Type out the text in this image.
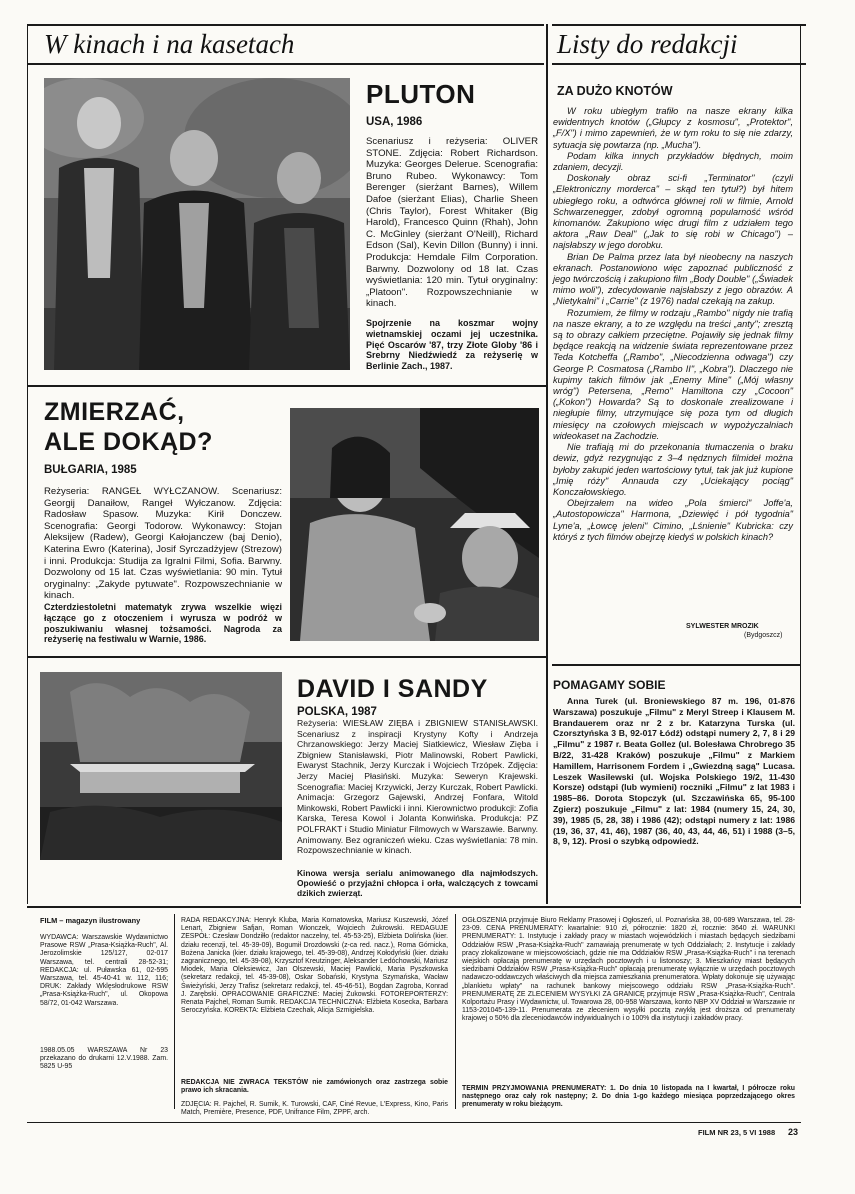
W kinach i na kasetach	Listy do redakcji
PLUTON
USA, 1986
Scenariusz i reżyseria: OLIVER STONE. Zdjęcia: Robert Richardson. Muzyka: Georges Delerue. Scenografia: Bruno Rubeo. Wykonawcy: Tom Berenger (sierżant Barnes), Willem Dafoe (sierżant Elias), Charlie Sheen (Chris Taylor), Forest Whitaker (Big Harold), Francesco Quinn (Rhah), John C. McGinley (sierżant O'Neill), Richard Edson (Sal), Kevin Dillon (Bunny) i inni. Produkcja: Hemdale Film Corporation. Barwny. Dozwolony od 18 lat. Czas wyświetlania: 120 min. Tytuł oryginalny: „Platoon". Rozpowszechnianie w kinach.
Spojrzenie na koszmar wojny wietnamskiej oczami jej uczestnika. Pięć Oscarów '87, trzy Złote Globy '86 i Srebrny Niedźwiedź za reżyserię w Berlinie Zach., 1987.
ZMIERZAĆ,
ALE DOKĄD?
BUŁGARIA, 1985
Reżyseria: RANGEŁ WYŁCZANOW. Scenariusz: Georgij Danaiłow, Rangeł Wyłczanow. Zdjęcia: Radosław Spasow. Muzyka: Kirił Donczew. Scenografia: Georgi Todorow. Wykonawcy: Stojan Aleksijew (Radew), Georgi Kałojanczew (baj Denio), Katerina Ewro (Katerina), Josif Syrczadżyjew (Strezow) i inni. Produkcja: Studija za Igralni Filmi, Sofia. Barwny. Dozwolony od 15 lat. Czas wyświetlania: 90 min. Tytuł oryginalny: „Zakyde pytuwate". Rozpowszechnianie w kinach.
Czterdziestoletni matematyk zrywa wszelkie więzi łączące go z otoczeniem i wyrusza w podróż w poszukiwaniu własnej tożsamości. Nagroda za reżyserię na festiwalu w Warnie, 1986.
DAVID I SANDY
POLSKA, 1987
Reżyseria: WIESŁAW ZIĘBA i ZBIGNIEW STANISŁAWSKI. Scenariusz z inspiracji Krystyny Kofty i Andrzeja Chrzanowskiego: Jerzy Maciej Siatkiewicz, Wiesław Zięba i Zbigniew Stanisławski, Piotr Malinowski, Robert Pawlicki, Ewaryst Stachnik, Jerzy Kurczak i Wojciech Trzópek. Zdjęcia: Jerzy Maciej Płasiński. Muzyka: Seweryn Krajewski. Scenografia: Maciej Krzywicki, Jerzy Kurczak, Robert Pawlicki. Animacja: Grzegorz Gajewski, Andrzej Fonfara, Witold Minkowski, Robert Pawlicki i inni. Kierownictwo produkcji: Zofia Karska, Teresa Kowol i Jolanta Konwińska. Produkcja: PZ POLFRAKT i Studio Miniatur Filmowych w Warszawie. Barwny. Animowany. Bez ograniczeń wieku. Czas wyświetlania: 78 min. Rozpowszechnianie w kinach.
Kinowa wersja serialu animowanego dla najmłodszych. Opowieść o przyjaźni chłopca i orła, walczących z towcami dzikich zwierząt.
ZA DUŻO KNOTÓW

W roku ubiegłym trafiło na nasze ekrany kilka ewidentnych knotów („Głupcy z kosmosu", „Protektor", „F/X") i mimo zapewnień, że w tym roku to się nie zdarzy, sytuacja się powtarza (np. „Mucha").

Podam kilka innych przykładów błędnych, moim zdaniem, decyzji.

Doskonały obraz sci-fi „Terminator" (czyli „Elektroniczny morderca" – skąd ten tytuł?) był hitem ubiegłego roku, a odtwórca głównej roli w filmie, Arnold Schwarzenegger, zdobył ogromną popularność wśród kinomanów. Zakupiono więc drugi film z udziałem tego aktora „Raw Deal" („Jak to się robi w Chicago") – najsłabszy w jego dorobku.

Brian De Palma przez lata był nieobecny na naszych ekranach. Postanowiono więc zapoznać publiczność z jego twórczością i zakupiono film „Body Double" („Świadek mimo woli"), zdecydowanie najsłabszy z jego obrazów. A „Nietykalni" i „Carrie" (z 1976) nadal czekają na zakup.

Rozumiem, że filmy w rodzaju „Rambo" nigdy nie trafią na nasze ekrany, a to ze względu na treści „anty"; zresztą są to obrazy całkiem przeciętne. Pojawiły się jednak filmy będące reakcją na widzenie świata reprezentowane przez Teda Kotcheffa („Rambo", „Niecodzienna odwaga") czy George P. Cosmatosa („Rambo II", „Kobra"). Dlaczego nie kupimy takich filmów jak „Enemy Mine" („Mój własny wróg") Petersena, „Remo" Hamiltona czy „Cocoon" („Kokon") Howarda? Są to doskonale zrealizowane i niegłupie filmy, utrzymujące się poza tym od długich miesięcy na czołowych miejscach w wypożyczalniach wideokaset na Zachodzie.

Nie trafiają mi do przekonania tłumaczenia o braku dewiz, gdyż rezygnując z 3–4 nędznych filmideł można byłoby zakupić jeden wartościowy tytuł, tak jak już kupione „Imię róży" Annauda czy „Uciekający pociąg" Konczałowskiego.

Obejrzałem na wideo „Pola śmierci" Joffe'a, „Autostopowicza" Harmona, „Dziewięć i pół tygodnia" Lyne'a, „Łowcę jeleni" Cimino, „Lśnienie" Kubricka: czy któryś z tych filmów obejrzę kiedyś w polskich kinach?

SYLWESTER MROZIK
(Bydgoszcz)
POMAGAMY SOBIE
Anna Turek (ul. Broniewskiego 87 m. 196, 01-876 Warszawa) poszukuje „Filmu" z Meryl Streep i Klausem M. Brandauerem oraz nr 2 z br. Katarzyna Turska (ul. Czorsztyńska 3 B, 92-017 Łódź) odstąpi numery 2, 7, 8 i 29 „Filmu" z 1987 r. Beata Gollez (ul. Bolesława Chrobrego 35 B/22, 31-428 Kraków) poszukuje „Filmu" z Markiem Hamillem, Harrisonem Fordem i „Gwiezdną sagą" Lucasa. Leszek Wasilewski (ul. Wojska Polskiego 19/2, 11-430 Korsze) odstąpi (lub wymieni) roczniki „Filmu" z lat 1983 i 1985–86. Dorota Stopczyk (ul. Szczawińska 65, 95-100 Zgierz) poszukuje „Filmu" z lat: 1984 (numery 15, 24, 30, 39), 1985 (5, 28, 38) i 1986 (42); odstąpi numery z lat: 1986 (19, 36, 37, 41, 46), 1987 (36, 40, 43, 44, 46, 51) i 1988 (3–5, 8, 9, 12). Prosi o szybką odpowiedź.
FILM – magazyn ilustrowany
WYDAWCA: Warszawskie Wydawnictwo Prasowe RSW „Prasa-Książka-Ruch", Al. Jerozolimskie 125/127, 02-017 Warszawa, tel. centrali 28-52-31; REDAKCJA: ul. Puławska 61, 02-595 Warszawa, tel. 45-40-41 w. 112, 116; DRUK: Zakłady Wklęsłodrukowe RSW „Prasa-Książka-Ruch", ul. Okopowa 58/72, 01-042 Warszawa.
1988.05.05 WARSZAWA Nr 23 przekazano do drukarni 12.V.1988. Zam. 5825 U-95
RADA REDAKCYJNA: Henryk Kluba, Maria Kornatowska, Mariusz Kuszewski, Józef Lenart, Zbigniew Safjan, Roman Wionczek, Wojciech Żukrowski. REDAGUJE ZESPÓŁ: Czesław Dondziłło (redaktor naczelny, tel. 45-53-25), Elżbieta Dolińska (kier. działu recenzji, tel. 45-39-09), Bogumił Drozdowski (z-ca red. nacz.), Roma Górnicka, Bożena Janicka (kier. działu krajowego, tel. 45-39-08), Andrzej Kołodyński (kier. działu zagranicznego, tel. 45-39-08), Krzysztof Kreutzinger, Aleksander Ledóchowski, Mariusz Miodek, Maria Oleksiewicz, Jan Olszewski, Maciej Pawlicki, Maria Pyszkowska (sekretarz redakcji, tel. 45-39-08), Oskar Sobański, Krystyna Szymańska, Wacław Świeżyński, Jerzy Trafisz (sekretarz redakcji, tel. 45-46-51), Bogdan Zagroba, Konrad J. Zarębski. OPRACOWANIE GRAFICZNE: Maciej Żukowski. FOTOREPORTERZY: Renata Pajchel, Roman Sumik. REDAKCJA TECHNICZNA: Elżbieta Kosecka, Barbara Seroczyńska. KOREKTA: Elżbieta Czechak, Alicja Szmigielska.
REDAKCJA NIE ZWRACA TEKSTÓW nie zamówionych oraz zastrzega sobie prawo ich skracania.
ZDJĘCIA: R. Pajchel, R. Sumik, K. Turowski, CAF, Ciné Revue, L'Express, Kino, Paris Match, Première, Presence, PDF, Unifrance Film, ZPPF, arch.
OGŁOSZENIA przyjmuje Biuro Reklamy Prasowej i Ogłoszeń, ul. Poznańska 38, 00-689 Warszawa, tel. 28-23-09. CENA PRENUMERATY: kwartalnie: 910 zł, półrocznie: 1820 zł, rocznie: 3640 zł. WARUNKI PRENUMERATY: 1. Instytucje i zakłady pracy w miastach wojewódzkich i miastach będących siedzibami Oddziałów RSW „Prasa-Książka-Ruch" zamawiają prenumeratę w tych Oddziałach; 2. Instytucje i zakłady pracy zlokalizowane w miejscowościach, gdzie nie ma Oddziałów RSW „Prasa-Książka-Ruch" i na terenach wiejskich opłacają prenumeratę w urzędach pocztowych i u listonoszy; 3. Mieszkańcy miast będących siedzibami Oddziałów RSW „Prasa-Książka-Ruch" opłacają prenumeratę wyłącznie w urzędach pocztowych nadawczo-oddawczych właściwych dla miejsca zamieszkania prenumeratora. Wpłaty dokonuje się używając „blankietu wpłaty" na rachunek bankowy miejscowego oddziału RSW „Prasa-Książka-Ruch". PRENUMERATĘ ZE ZLECENIEM WYSYŁKI ZA GRANICĘ przyjmuje RSW „Prasa-Książka-Ruch", Centrala Kolportażu Prasy i Wydawnictw, ul. Towarowa 28, 00-958 Warszawa, konto NBP XV Oddział w Warszawie nr 1153-201045-139-11. Prenumerata ze zleceniem wysyłki pocztą zwykłą jest droższa od prenumeraty krajowej o 50% dla zleceniodawców indywidualnych i o 100% dla instytucji i zakładów pracy.
TERMIN PRZYJMOWANIA PRENUMERATY: 1. Do dnia 10 listopada na I kwartał, I półrocze roku następnego oraz cały rok następny; 2. Do dnia 1-go każdego miesiąca poprzedzającego okres prenumeraty w roku bieżącym.
FILM NR 23, 5 VI 1988 23
